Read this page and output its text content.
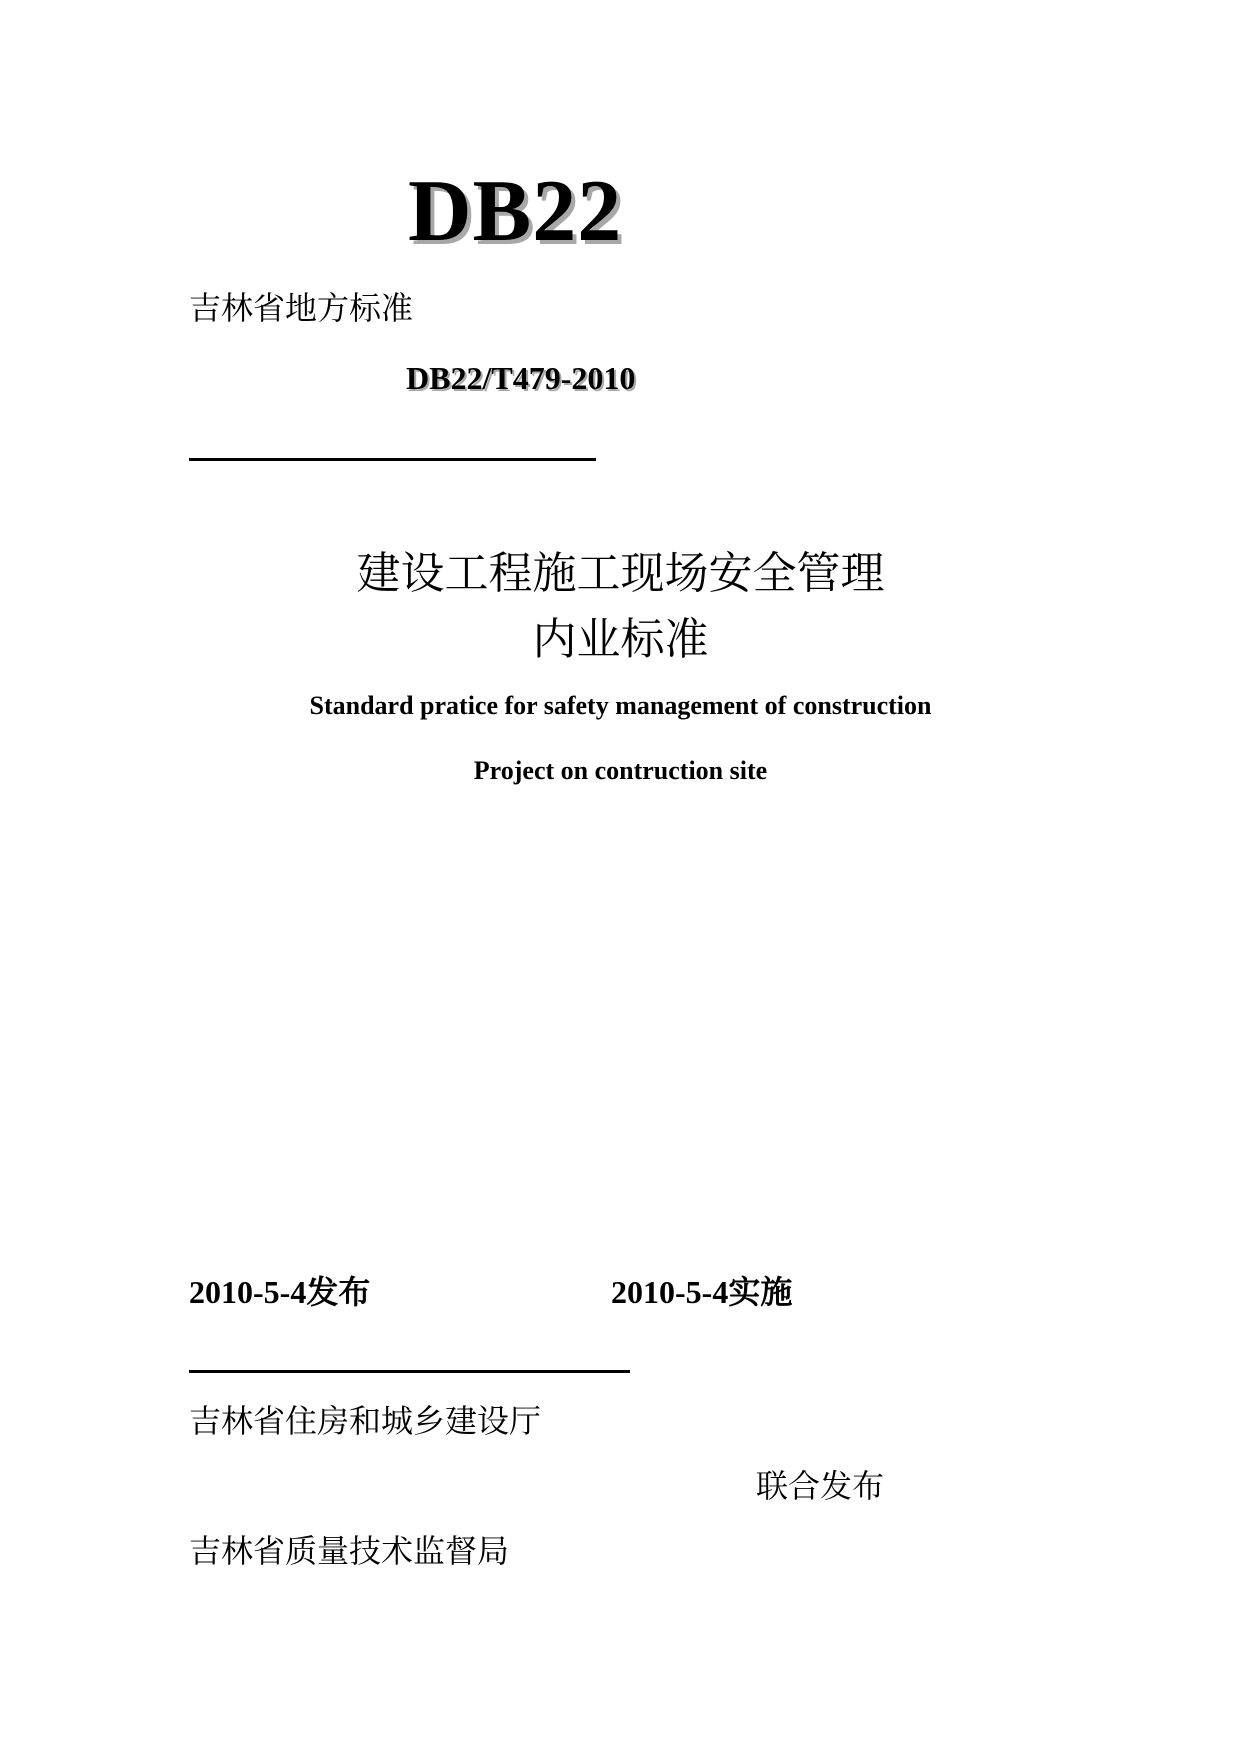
DB22
吉林省地方标准
DB22/T479-2010
建设工程施工现场安全管理
内业标准
Standard pratice for safety management of construction
Project on contruction site
2010-5-4发布	2010-5-4实施
吉林省住房和城乡建设厅
联合发布
吉林省质量技术监督局
